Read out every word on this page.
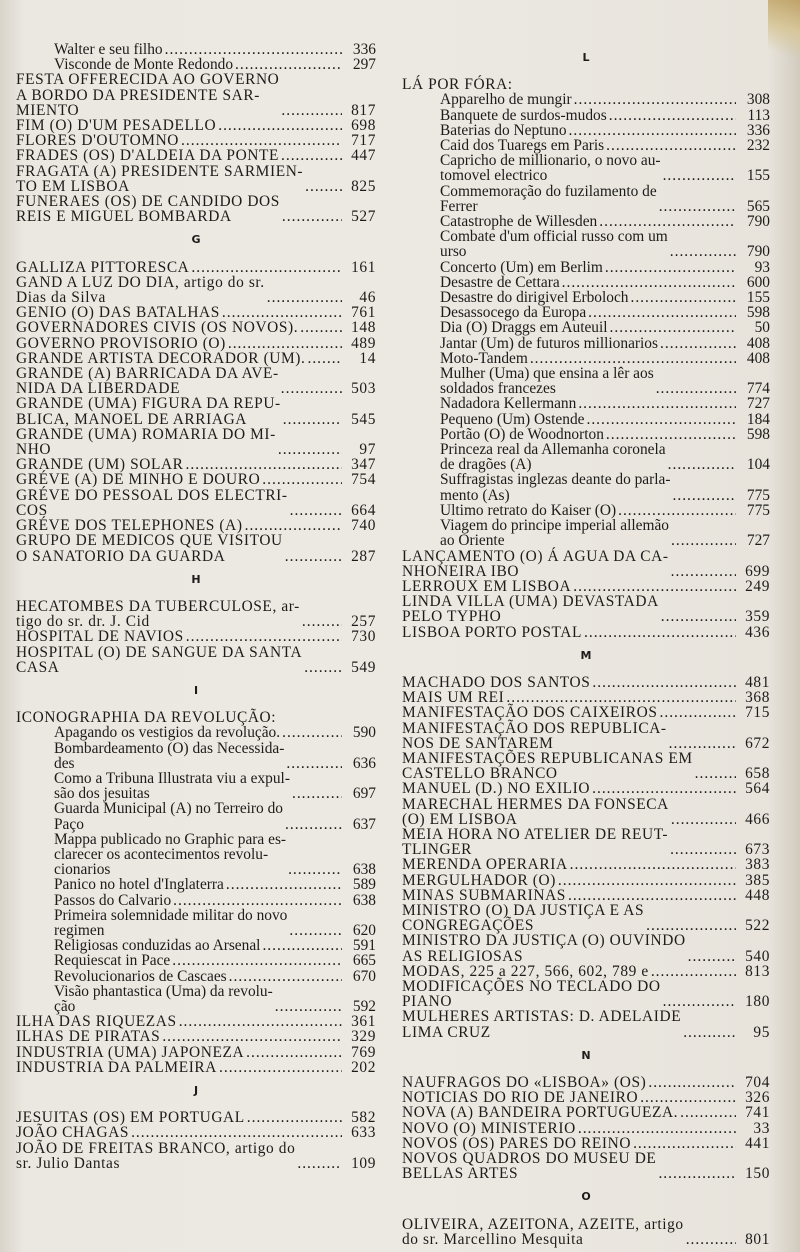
Walter e seu filho .....	336
Visconde de Monte Redondo .....	297
FESTA OFFERECIDA AO GOVERNO
A BORDO DA PRESIDENTE SAR-
MIENTO .....	817
FIM (O) D'UM PESADELLO .....	698
FLORES D'OUTOMNO .....	717
FRADES (OS) D'ALDEIA DA PONTE .....	447
FRAGATA (A) PRESIDENTE SARMIEN-
TO EM LISBOA .....	825
FUNERAES (OS) DE CANDIDO DOS
REIS E MIGUEL BOMBARDA .....	527
G
GALLIZA PITTORESCA .....	161
GAND A LUZ DO DIA, artigo do sr.
Dias da Silva .....	46
GENIO (O) DAS BATALHAS .....	761
GOVERNADORES CIVIS (OS NOVOS). .....	148
GOVERNO PROVISORIO (O) .....	489
GRANDE ARTISTA DECORADOR (UM). .....	14
GRANDE (A) BARRICADA DA AVE-
NIDA DA LIBERDADE .....	503
GRANDE (UMA) FIGURA DA REPU-
BLICA, MANOEL DE ARRIAGA .....	545
GRANDE (UMA) ROMARIA DO MI-
NHO .....	97
GRANDE (UM) SOLAR .....	347
GRÉVE (A) DE MINHO E DOURO .....	754
GRÉVE DO PESSOAL DOS ELECTRI-
COS .....	664
GRÉVE DOS TELEPHONES (A) .....	740
GRUPO DE MEDICOS QUE VISITOU
O SANATORIO DA GUARDA .....	287
H
HECATOMBES DA TUBERCULOSE, ar-
tigo do sr. dr. J. Cid .....	257
HOSPITAL DE NAVIOS .....	730
HOSPITAL (O) DE SANGUE DA SANTA
CASA .....	549
I
ICONOGRAPHIA DA REVOLUÇÃO:
Apagando os vestigios da revolução. .....	590
Bombardeamento (O) das Necessida-
des .....	636
Como a Tribuna Illustrata viu a expul-
são dos jesuitas .....	697
Guarda Municipal (A) no Terreiro do
Paço .....	637
Mappa publicado no Graphic para es-
clarecer os acontecimentos revolu-
cionarios .....	638
Panico no hotel d'Inglaterra .....	589
Passos do Calvario .....	638
Primeira solemnidade militar do novo
regimen .....	620
Religiosas conduzidas ao Arsenal .....	591
Requiescat in Pace .....	665
Revolucionarios de Cascaes .....	670
Visão phantastica (Uma) da revolu-
ção .....	592
ILHA DAS RIQUEZAS .....	361
ILHAS DE PIRATAS .....	329
INDUSTRIA (UMA) JAPONEZA .....	769
INDUSTRIA DA PALMEIRA .....	202
J
JESUITAS (OS) EM PORTUGAL .....	582
JOÃO CHAGAS .....	633
JOÃO DE FREITAS BRANCO, artigo do
sr. Julio Dantas .....	109
L
LÁ POR FÓRA:
Apparelho de mungir .....	308
Banquete de surdos-mudos .....	113
Baterias do Neptuno .....	336
Caid dos Tuaregs em Paris .....	232
Capricho de millionario, o novo au-
tomovel electrico .....	155
Commemoração do fuzilamento de
Ferrer .....	565
Catastrophe de Willesden .....	790
Combate d'um official russo com um
urso .....	790
Concerto (Um) em Berlim .....	93
Desastre de Cettara .....	600
Desastre do dirigivel Erboloch .....	155
Desassocego da Europa .....	598
Dia (O) Draggs em Auteuil .....	50
Jantar (Um) de futuros millionarios .....	408
Moto-Tandem .....	408
Mulher (Uma) que ensina a lêr aos
soldados francezes .....	774
Nadadora Kellermann .....	727
Pequeno (Um) Ostende .....	184
Portão (O) de Woodnorton .....	598
Princeza real da Allemanha coronela
de dragões (A) .....	104
Suffragistas inglezas deante do parla-
mento (As) .....	775
Ultimo retrato do Kaiser (O) .....	775
Viagem do principe imperial allemão
ao Oriente .....	727
LANÇAMENTO (O) Á AGUA DA CA-
NHONEIRA IBO .....	699
LERROUX EM LISBOA .....	249
LINDA VILLA (UMA) DEVASTADA
PELO TYPHO .....	359
LISBOA PORTO POSTAL .....	436
M
MACHADO DOS SANTOS .....	481
MAIS UM REI .....	368
MANIFESTAÇÃO DOS CAIXEIROS .....	715
MANIFESTAÇÃO DOS REPUBLICA-
NOS DE SANTAREM .....	672
MANIFESTAÇÕES REPUBLICANAS EM
CASTELLO BRANCO .....	658
MANUEL (D.) NO EXILIO .....	564
MARECHAL HERMES DA FONSECA
(O) EM LISBOA .....	466
MEIA HORA NO ATELIER DE REUT-
TLINGER .....	673
MERENDA OPERARIA .....	383
MERGULHADOR (O) .....	385
MINAS SUBMARINAS .....	448
MINISTRO (O) DA JUSTIÇA E AS
CONGREGAÇÕES .....	522
MINISTRO DA JUSTIÇA (O) OUVINDO
AS RELIGIOSAS .....	540
MODAS, 225 a 227, 566, 602, 789 e .....	813
MODIFICAÇÕES NO TECLADO DO
PIANO .....	180
MULHERES ARTISTAS: D. ADELAIDE
LIMA CRUZ .....	95
N
NAUFRAGOS DO «LISBOA» (OS) .....	704
NOTICIAS DO RIO DE JANEIRO .....	326
NOVA (A) BANDEIRA PORTUGUEZA. .....	741
NOVO (O) MINISTERIO .....	33
NOVOS (OS) PARES DO REINO .....	441
NOVOS QUADROS DO MUSEU DE
BELLAS ARTES .....	150
O
OLIVEIRA, AZEITONA, AZEITE, artigo
do sr. Marcellino Mesquita .....	801
